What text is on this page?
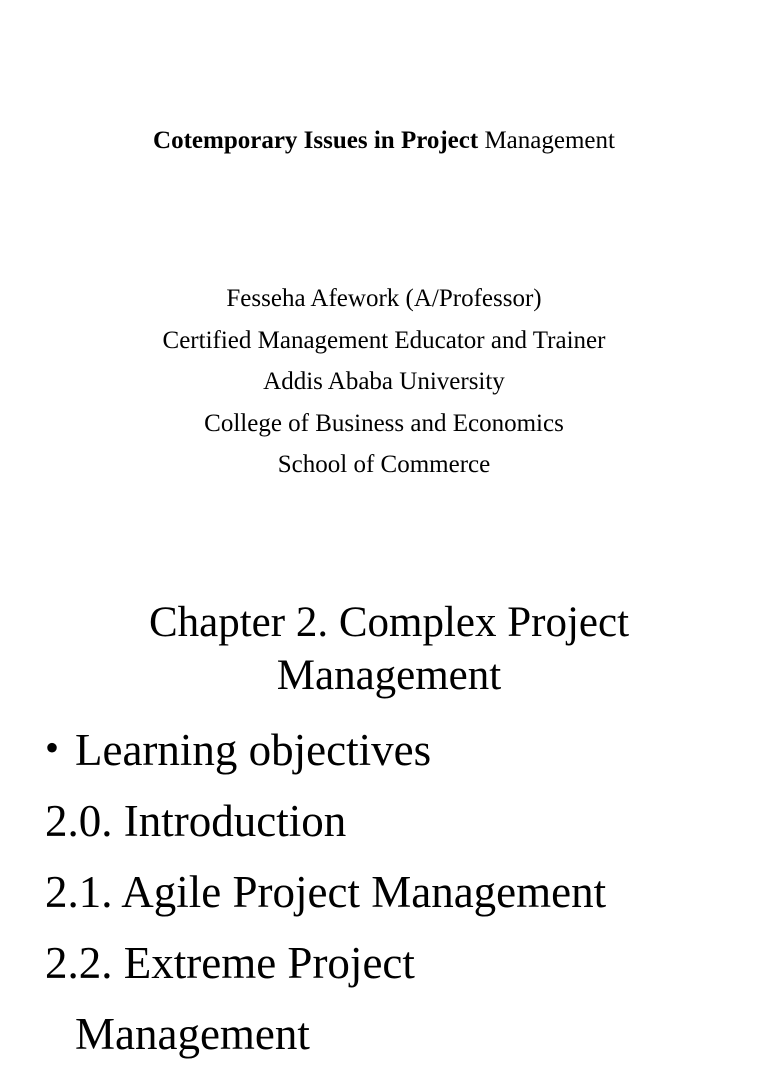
Cotemporary Issues in Project Management
Fesseha Afework (A/Professor)
Certified Management Educator and Trainer
Addis Ababa University
College of Business and Economics
School of Commerce
Chapter 2. Complex Project
Management
• Learning objectives
2.0. Introduction
2.1. Agile Project Management
2.2. Extreme Project
Management
